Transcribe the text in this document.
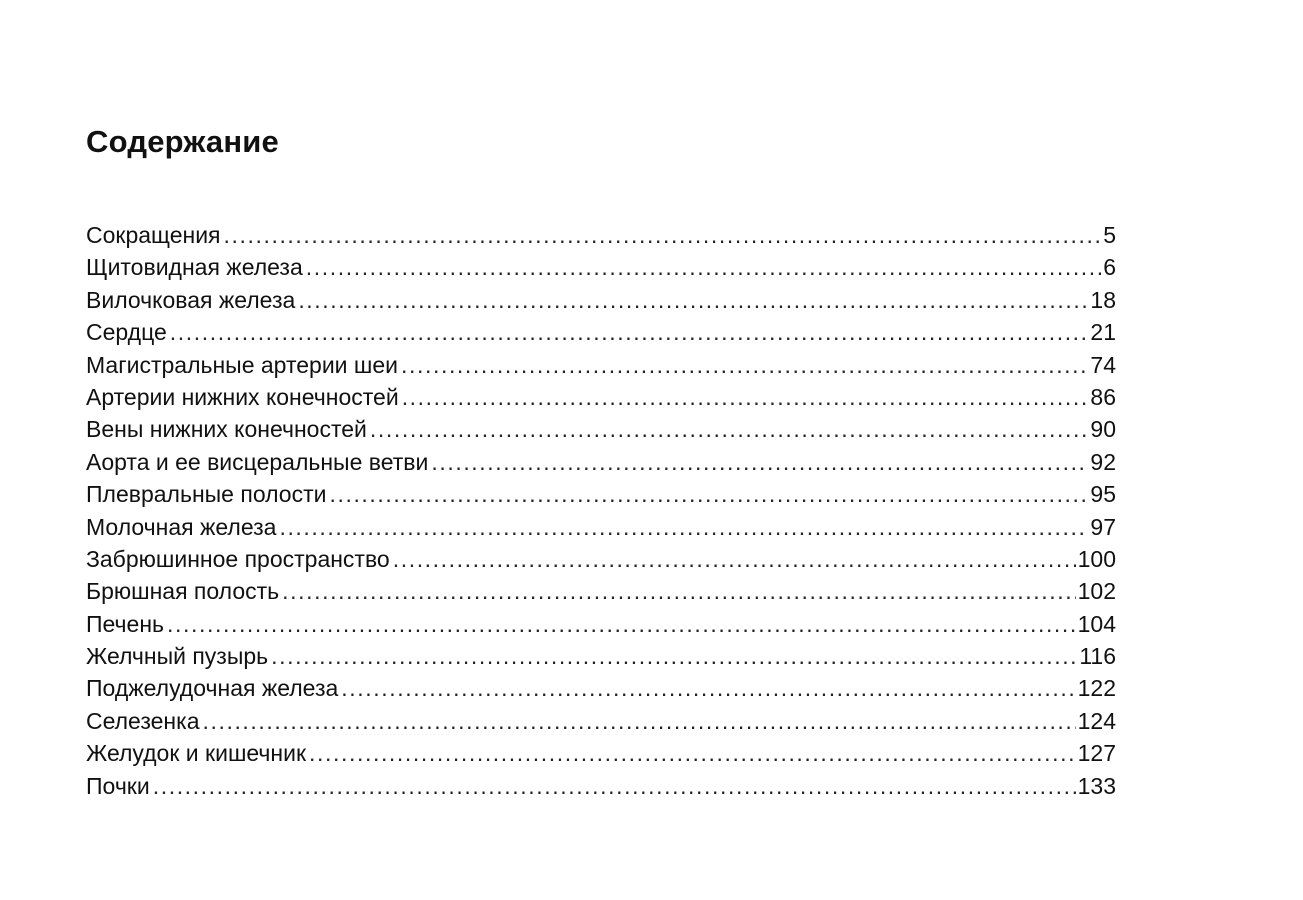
Содержание
Сокращения .....	5
Щитовидная железа .....	6
Вилочковая железа .....	18
Сердце .....	21
Магистральные артерии шеи .....	74
Артерии нижних конечностей .....	86
Вены нижних конечностей .....	90
Аорта и ее висцеральные ветви .....	92
Плевральные полости .....	95
Молочная железа .....	97
Забрюшинное пространство .....	100
Брюшная полость .....	102
Печень .....	104
Желчный пузырь .....	116
Поджелудочная железа .....	122
Селезенка .....	124
Желудок и кишечник .....	127
Почки .....	133
